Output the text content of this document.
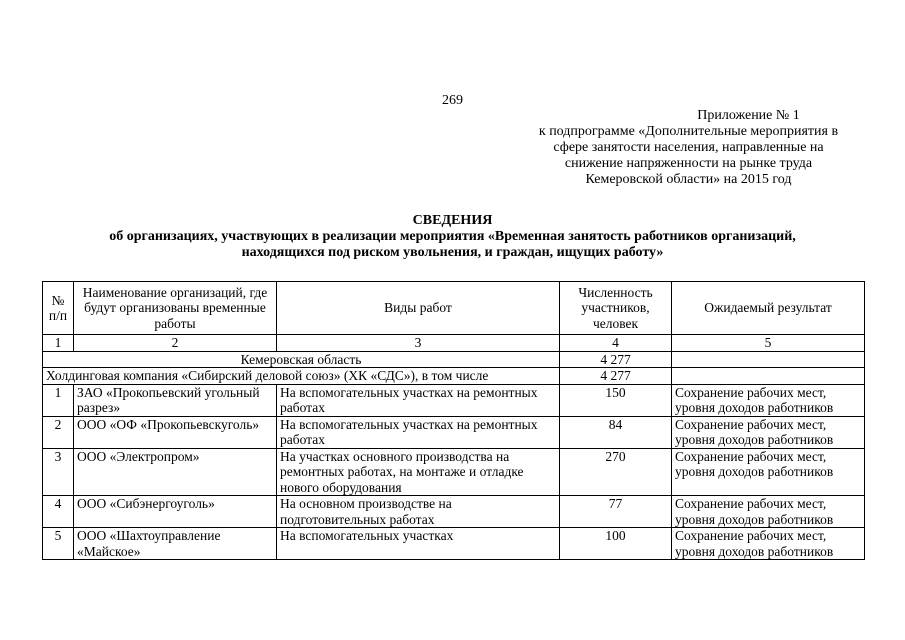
269
Приложение № 1
к подпрограмме «Дополнительные мероприятия в
сфере занятости населения, направленные на
снижение напряженности на рынке труда
Кемеровской области» на 2015 год
СВЕДЕНИЯ
об организациях, участвующих в реализации мероприятия «Временная занятость работников организаций,
находящихся под риском увольнения, и граждан, ищущих работу»
№ п/п	Наименование организаций, где будут организованы временные работы	Виды работ	Численность участников, человек	Ожидаемый результат
1	2	3	4	5
Кемеровская область			4 277	
Холдинговая компания «Сибирский деловой союз» (ХК «СДС»), в том числе			4 277	
1	ЗАО «Прокопьевский угольный разрез»	На вспомогательных участках на ремонтных работах	150	Сохранение рабочих мест, уровня доходов работников
2	ООО «ОФ «Прокопьевскуголь»	На вспомогательных участках на ремонтных работах	84	Сохранение рабочих мест, уровня доходов работников
3	ООО «Электропром»	На участках основного производства на ремонтных работах, на монтаже и отладке нового оборудования	270	Сохранение рабочих мест, уровня доходов работников
4	ООО «Сибэнергоуголь»	На основном производстве на подготовительных работах	77	Сохранение рабочих мест, уровня доходов работников
5	ООО «Шахтоуправление «Майское»	На вспомогательных участках	100	Сохранение рабочих мест, уровня доходов работников
